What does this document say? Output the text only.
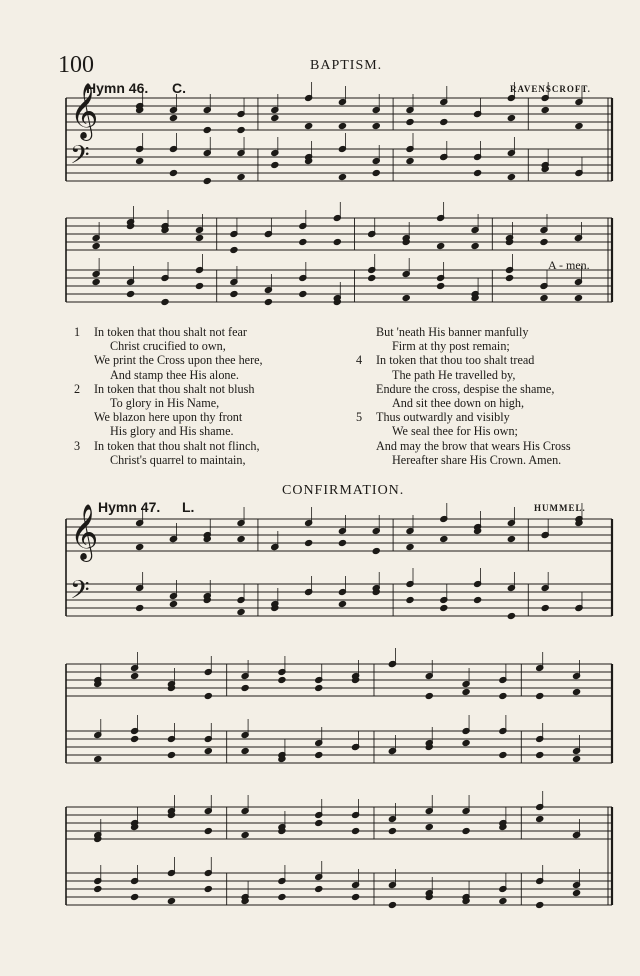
100	BAPTISM.
Hymn 46. C.	RAVENSCROFT.
𝄞
𝄢
𝄞
𝄢
A - men.
1 In token that thou shalt not fear
Christ crucified to own,
We print the Cross upon thee here,
And stamp thee His alone.
2 In token that thou shalt not blush
To glory in His Name,
We blazon here upon thy front
His glory and His shame.
3 In token that thou shalt not flinch,
Christ's quarrel to maintain,
But 'neath His banner manfully
Firm at thy post remain;
4 In token that thou too shalt tread
The path He travelled by,
Endure the cross, despise the shame,
And sit thee down on high,
5 Thus outwardly and visibly
We seal thee for His own;
And may the brow that wears His Cross
Hereafter share His Crown. Amen.
CONFIRMATION.
Hymn 47. L.	HUMMEL.
